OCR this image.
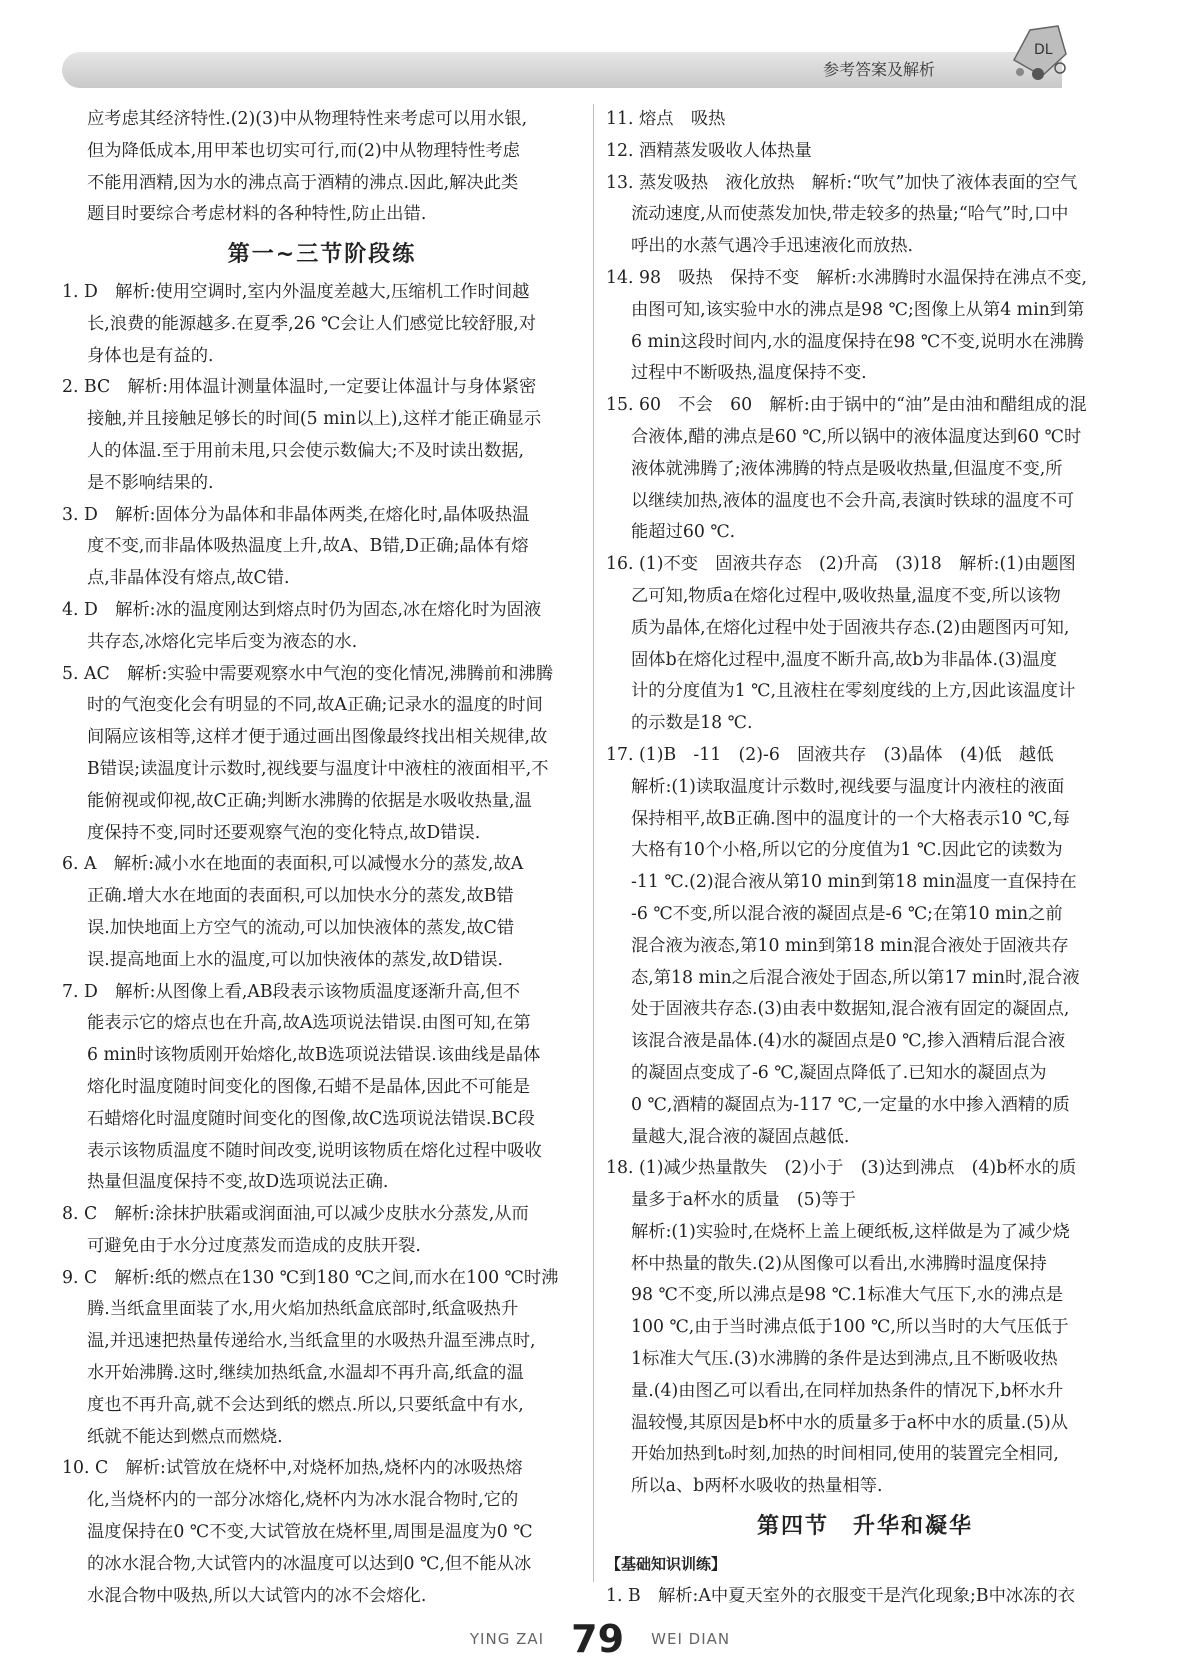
参考答案及解析
DL

应考虑其经济特性.(2)(3)中从物理特性来考虑可以用水银,

但为降低成本,用甲苯也切实可行,而(2)中从物理特性考虑

不能用酒精,因为水的沸点高于酒精的沸点.因此,解决此类

题目时要综合考虑材料的各种特性,防止出错.

第一~三节阶段练

1. D　解析:使用空调时,室内外温度差越大,压缩机工作时间越

长,浪费的能源越多.在夏季,26 ℃会让人们感觉比较舒服,对

身体也是有益的.

2. BC　解析:用体温计测量体温时,一定要让体温计与身体紧密

接触,并且接触足够长的时间(5 min以上),这样才能正确显示

人的体温.至于用前未甩,只会使示数偏大;不及时读出数据,

是不影响结果的.

3. D　解析:固体分为晶体和非晶体两类,在熔化时,晶体吸热温

度不变,而非晶体吸热温度上升,故A、B错,D正确;晶体有熔

点,非晶体没有熔点,故C错.

4. D　解析:冰的温度刚达到熔点时仍为固态,冰在熔化时为固液

共存态,冰熔化完毕后变为液态的水.

5. AC　解析:实验中需要观察水中气泡的变化情况,沸腾前和沸腾

时的气泡变化会有明显的不同,故A正确;记录水的温度的时间

间隔应该相等,这样才便于通过画出图像最终找出相关规律,故

B错误;读温度计示数时,视线要与温度计中液柱的液面相平,不

能俯视或仰视,故C正确;判断水沸腾的依据是水吸收热量,温

度保持不变,同时还要观察气泡的变化特点,故D错误.

6. A　解析:减小水在地面的表面积,可以减慢水分的蒸发,故A

正确.增大水在地面的表面积,可以加快水分的蒸发,故B错

误.加快地面上方空气的流动,可以加快液体的蒸发,故C错

误.提高地面上水的温度,可以加快液体的蒸发,故D错误.

7. D　解析:从图像上看,AB段表示该物质温度逐渐升高,但不

能表示它的熔点也在升高,故A选项说法错误.由图可知,在第

6 min时该物质刚开始熔化,故B选项说法错误.该曲线是晶体

熔化时温度随时间变化的图像,石蜡不是晶体,因此不可能是

石蜡熔化时温度随时间变化的图像,故C选项说法错误.BC段

表示该物质温度不随时间改变,说明该物质在熔化过程中吸收

热量但温度保持不变,故D选项说法正确.

8. C　解析:涂抹护肤霜或润面油,可以减少皮肤水分蒸发,从而

可避免由于水分过度蒸发而造成的皮肤开裂.

9. C　解析:纸的燃点在130 ℃到180 ℃之间,而水在100 ℃时沸

腾.当纸盒里面装了水,用火焰加热纸盒底部时,纸盒吸热升

温,并迅速把热量传递给水,当纸盒里的水吸热升温至沸点时,

水开始沸腾.这时,继续加热纸盒,水温却不再升高,纸盒的温

度也不再升高,就不会达到纸的燃点.所以,只要纸盒中有水,

纸就不能达到燃点而燃烧.

10. C　解析:试管放在烧杯中,对烧杯加热,烧杯内的冰吸热熔

化,当烧杯内的一部分冰熔化,烧杯内为冰水混合物时,它的

温度保持在0 ℃不变,大试管放在烧杯里,周围是温度为0 ℃

的冰水混合物,大试管内的冰温度可以达到0 ℃,但不能从冰

水混合物中吸热,所以大试管内的冰不会熔化.

11. 熔点　吸热

12. 酒精蒸发吸收人体热量

13. 蒸发吸热　液化放热　解析:“吹气”加快了液体表面的空气

流动速度,从而使蒸发加快,带走较多的热量;“哈气”时,口中

呼出的水蒸气遇冷手迅速液化而放热.

14. 98　吸热　保持不变　解析:水沸腾时水温保持在沸点不变,

由图可知,该实验中水的沸点是98 ℃;图像上从第4 min到第

6 min这段时间内,水的温度保持在98 ℃不变,说明水在沸腾

过程中不断吸热,温度保持不变.

15. 60　不会　60　解析:由于锅中的“油”是由油和醋组成的混

合液体,醋的沸点是60 ℃,所以锅中的液体温度达到60 ℃时

液体就沸腾了;液体沸腾的特点是吸收热量,但温度不变,所

以继续加热,液体的温度也不会升高,表演时铁球的温度不可

能超过60 ℃.

16. (1)不变　固液共存态　(2)升高　(3)18　解析:(1)由题图

乙可知,物质a在熔化过程中,吸收热量,温度不变,所以该物

质为晶体,在熔化过程中处于固液共存态.(2)由题图丙可知,

固体b在熔化过程中,温度不断升高,故b为非晶体.(3)温度

计的分度值为1 ℃,且液柱在零刻度线的上方,因此该温度计

的示数是18 ℃.

17. (1)B　-11　(2)-6　固液共存　(3)晶体　(4)低　越低

解析:(1)读取温度计示数时,视线要与温度计内液柱的液面

保持相平,故B正确.图中的温度计的一个大格表示10 ℃,每

大格有10个小格,所以它的分度值为1 ℃.因此它的读数为

-11 ℃.(2)混合液从第10 min到第18 min温度一直保持在

-6 ℃不变,所以混合液的凝固点是-6 ℃;在第10 min之前

混合液为液态,第10 min到第18 min混合液处于固液共存

态,第18 min之后混合液处于固态,所以第17 min时,混合液

处于固液共存态.(3)由表中数据知,混合液有固定的凝固点,

该混合液是晶体.(4)水的凝固点是0 ℃,掺入酒精后混合液

的凝固点变成了-6 ℃,凝固点降低了.已知水的凝固点为

0 ℃,酒精的凝固点为-117 ℃,一定量的水中掺入酒精的质

量越大,混合液的凝固点越低.

18. (1)减少热量散失　(2)小于　(3)达到沸点　(4)b杯水的质

量多于a杯水的质量　(5)等于

解析:(1)实验时,在烧杯上盖上硬纸板,这样做是为了减少烧

杯中热量的散失.(2)从图像可以看出,水沸腾时温度保持

98 ℃不变,所以沸点是98 ℃.1标准大气压下,水的沸点是

100 ℃,由于当时沸点低于100 ℃,所以当时的大气压低于

1标准大气压.(3)水沸腾的条件是达到沸点,且不断吸收热

量.(4)由图乙可以看出,在同样加热条件的情况下,b杯水升

温较慢,其原因是b杯中水的质量多于a杯中水的质量.(5)从

开始加热到t₀时刻,加热的时间相同,使用的装置完全相同,

所以a、b两杯水吸收的热量相等.

第四节　升华和凝华
【基础知识训练】

1. B　解析:A中夏天室外的衣服变干是汽化现象;B中冰冻的衣

YING ZAI 79 WEI DIAN
